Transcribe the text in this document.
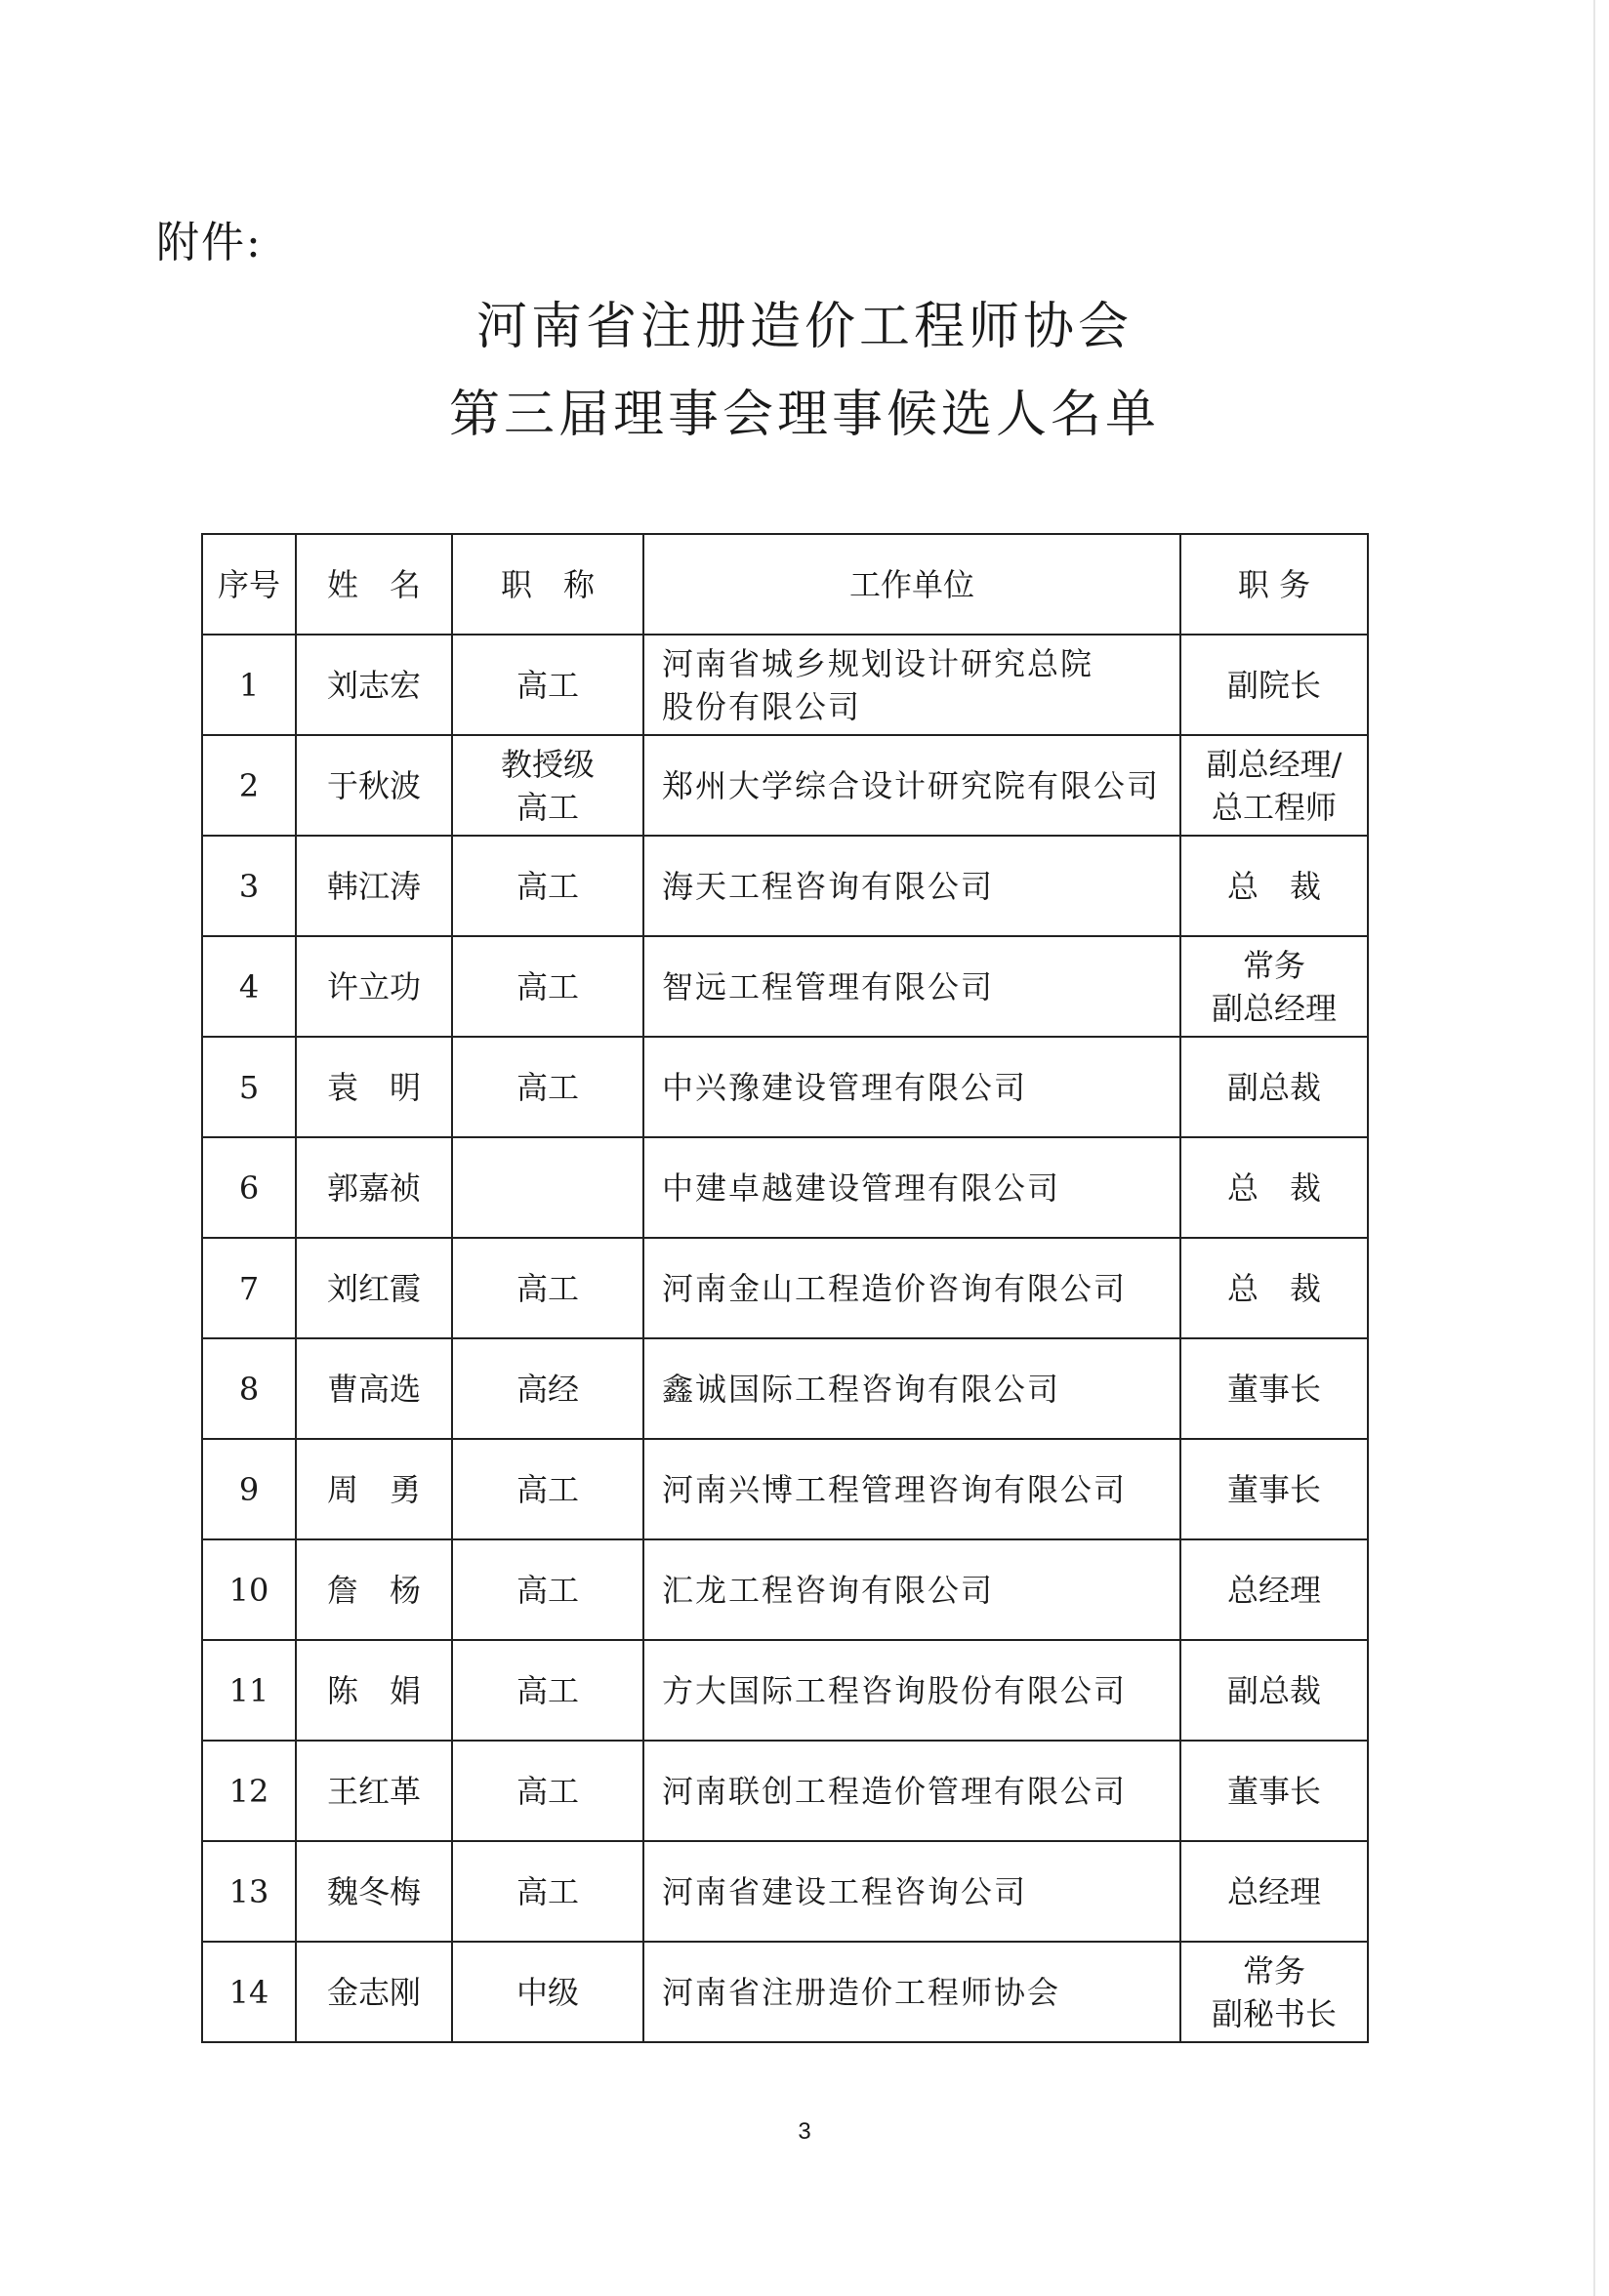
附件:
河南省注册造价工程师协会
第三届理事会理事候选人名单
序号	姓　名	职　称	工作单位	职 务
1	刘志宏	高工	河南省城乡规划设计研究总院
股份有限公司	副院长
2	于秋波	教授级
高工	郑州大学综合设计研究院有限公司	副总经理/
总工程师
3	韩江涛	高工	海天工程咨询有限公司	总　裁
4	许立功	高工	智远工程管理有限公司	常务
副总经理
5	袁　明	高工	中兴豫建设管理有限公司	副总裁
6	郭嘉祯		中建卓越建设管理有限公司	总　裁
7	刘红霞	高工	河南金山工程造价咨询有限公司	总　裁
8	曹高选	高经	鑫诚国际工程咨询有限公司	董事长
9	周　勇	高工	河南兴博工程管理咨询有限公司	董事长
10	詹　杨	高工	汇龙工程咨询有限公司	总经理
11	陈　娟	高工	方大国际工程咨询股份有限公司	副总裁
12	王红革	高工	河南联创工程造价管理有限公司	董事长
13	魏冬梅	高工	河南省建设工程咨询公司	总经理
14	金志刚	中级	河南省注册造价工程师协会	常务
副秘书长
3
